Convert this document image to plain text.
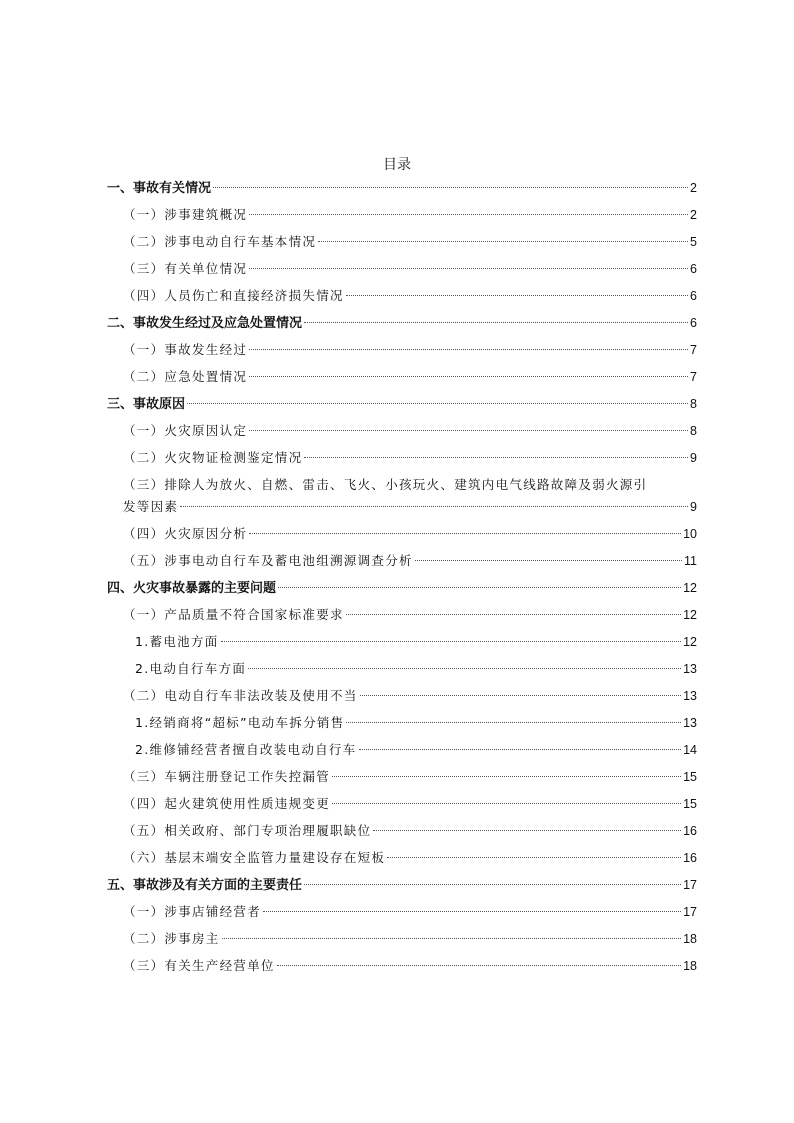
目录
一、事故有关情况	2
（一）涉事建筑概况	2
（二）涉事电动自行车基本情况	5
（三）有关单位情况	6
（四）人员伤亡和直接经济损失情况	6
二、事故发生经过及应急处置情况	6
（一）事故发生经过	7
（二）应急处置情况	7
三、事故原因	8
（一）火灾原因认定	8
（二）火灾物证检测鉴定情况	9
（三）排除人为放火、自燃、雷击、飞火、小孩玩火、建筑内电气线路故障及弱火源引
发等因素	9
（四）火灾原因分析	10
（五）涉事电动自行车及蓄电池组溯源调查分析	11
四、火灾事故暴露的主要问题	12
（一）产品质量不符合国家标准要求	12
1.蓄电池方面	12
2.电动自行车方面	13
（二）电动自行车非法改装及使用不当	13
1.经销商将“超标”电动车拆分销售	13
2.维修铺经营者擅自改装电动自行车	14
（三）车辆注册登记工作失控漏管	15
（四）起火建筑使用性质违规变更	15
（五）相关政府、部门专项治理履职缺位	16
（六）基层末端安全监管力量建设存在短板	16
五、事故涉及有关方面的主要责任	17
（一）涉事店铺经营者	17
（二）涉事房主	18
（三）有关生产经营单位	18
